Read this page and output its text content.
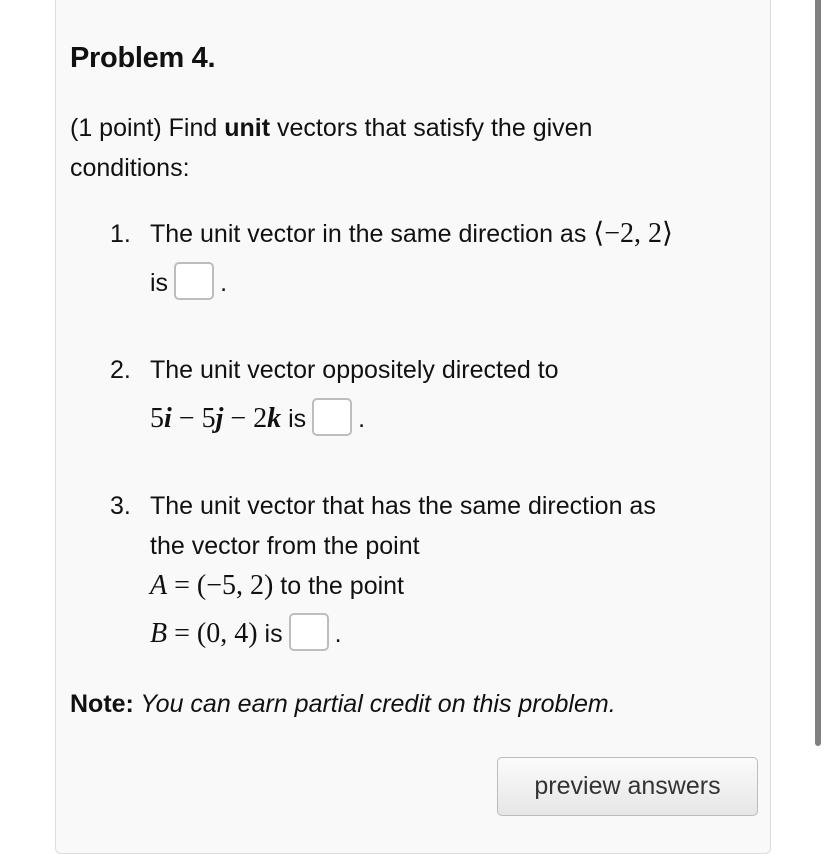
Problem 4.
(1 point) Find unit vectors that satisfy the given conditions:
1. The unit vector in the same direction as ⟨−2, 2⟩
is .
2. The unit vector oppositely directed to
5i − 5j − 2k is .
3. The unit vector that has the same direction as
the vector from the point
A = (−5, 2) to the point
B = (0, 4) is .
Note: You can earn partial credit on this problem.
preview answers
